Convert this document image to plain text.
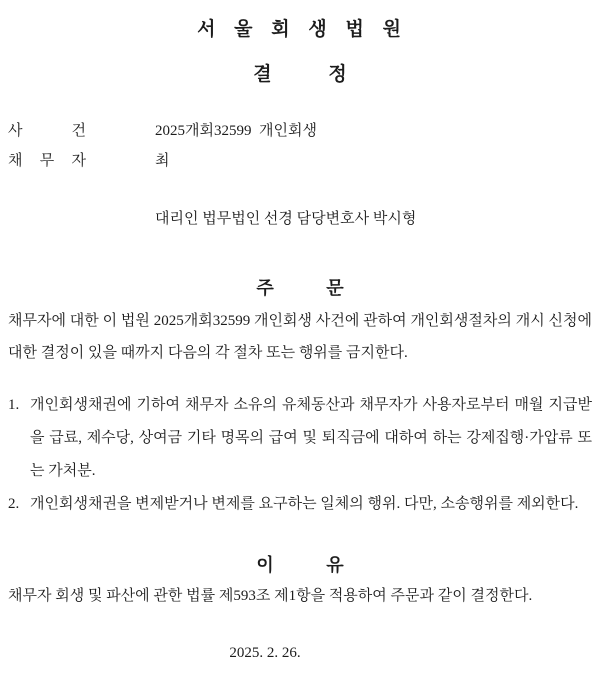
서 울 회 생 법 원
결 정
사 건	2025개회32599  개인회생
채 무 자	최
대리인 법무법인 선경 담당변호사 박시형
주 문
채무자에 대한 이 법원 2025개회32599 개인회생 사건에 관하여 개인회생절차의 개시 신청에 대한 결정이 있을 때까지 다음의 각 절차 또는 행위를 금지한다.
1. 개인회생채권에 기하여 채무자 소유의 유체동산과 채무자가 사용자로부터 매월 지급받을 급료, 제수당, 상여금 기타 명목의 급여 및 퇴직금에 대하여 하는 강제집행·가압류 또는 가처분.
2. 개인회생채권을 변제받거나 변제를 요구하는 일체의 행위. 다만, 소송행위를 제외한다.
이 유
채무자 회생 및 파산에 관한 법률 제593조 제1항을 적용하여 주문과 같이 결정한다.
2025. 2. 26.
